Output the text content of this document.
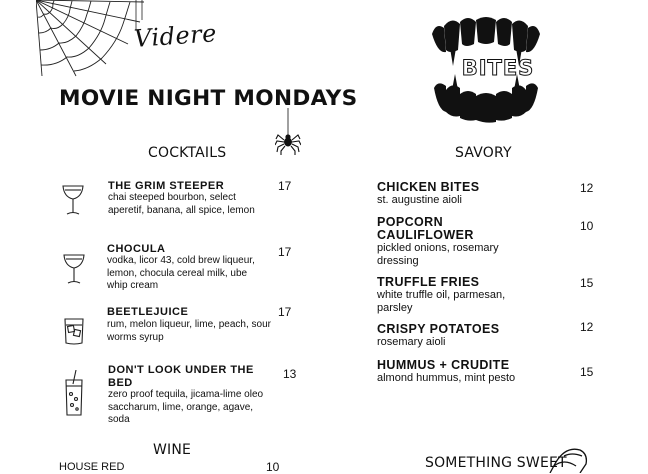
Videre
MOVIE NIGHT MONDAYS
COCKTAILS
THE GRIM STEEPER
chai steeped bourbon, select aperetif, banana, all spice, lemon
17
CHOCULA
vodka, licor 43, cold brew liqueur, lemon, chocula cereal milk, ube whip cream
17
BEETLEJUICE
rum, melon liqueur, lime, peach, sour worms syrup
17
DON'T LOOK UNDER THE BED
zero proof tequila, jicama-lime oleo saccharum, lime, orange, agave, soda
13
WINE
HOUSE RED	10
BITES
SAVORY
CHICKEN BITES
st. augustine aioli
12
POPCORN CAULIFLOWER
pickled onions, rosemary dressing
10
TRUFFLE FRIES
white truffle oil, parmesan, parsley
15
CRISPY POTATOES
rosemary aioli
12
HUMMUS + CRUDITE
almond hummus, mint pesto	15
SOMETHING SWEET
